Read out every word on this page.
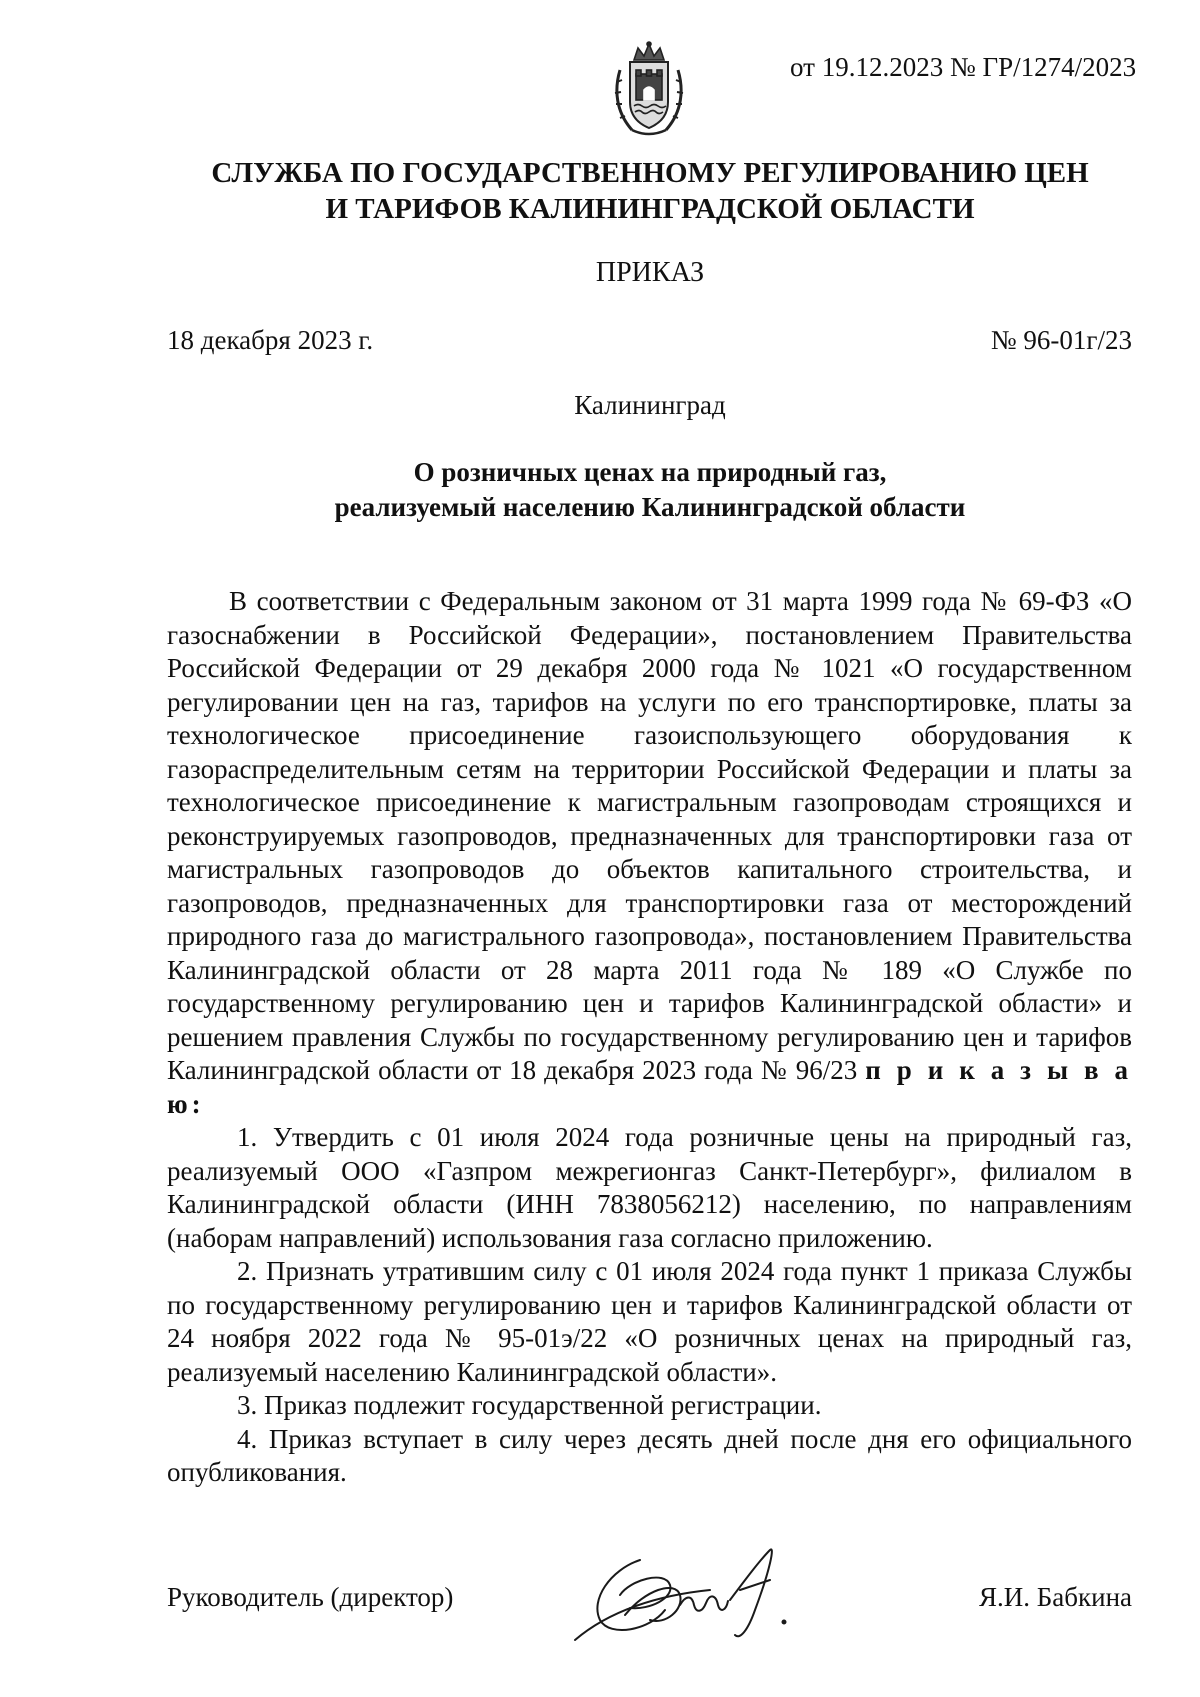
от 19.12.2023 № ГР/1274/2023
СЛУЖБА ПО ГОСУДАРСТВЕННОМУ РЕГУЛИРОВАНИЮ ЦЕН
И ТАРИФОВ КАЛИНИНГРАДСКОЙ ОБЛАСТИ
ПРИКАЗ
18 декабря 2023 г.	№ 96-01г/23
Калининград
О розничных ценах на природный газ,
реализуемый населению Калининградской области

В соответствии с Федеральным законом от 31 марта 1999 года № 69-ФЗ «О газоснабжении в Российской Федерации», постановлением Правительства Российской Федерации от 29 декабря 2000 года № 1021 «О государственном регулировании цен на газ, тарифов на услуги по его транспортировке, платы за технологическое присоединение газоиспользующего оборудования к газораспределительным сетям на территории Российской Федерации и платы за технологическое присоединение к магистральным газопроводам строящихся и реконструируемых газопроводов, предназначенных для транспортировки газа от магистральных газопроводов до объектов капитального строительства, и газопроводов, предназначенных для транспортировки газа от месторождений природного газа до магистрального газопровода», постановлением Правительства Калининградской области от 28 марта 2011 года № 189 «О Службе по государственному регулированию цен и тарифов Калининградской области» и решением правления Службы по государственному регулированию цен и тарифов Калининградской области от 18 декабря 2023 года № 96/23 п р и к а з ы в а ю:

1. Утвердить с 01 июля 2024 года розничные цены на природный газ, реализуемый ООО «Газпром межрегионгаз Санкт-Петербург», филиалом в Калининградской области (ИНН 7838056212) населению, по направлениям (наборам направлений) использования газа согласно приложению.

2. Признать утратившим силу с 01 июля 2024 года пункт 1 приказа Службы по государственному регулированию цен и тарифов Калининградской области от 24 ноября 2022 года № 95-01э/22 «О розничных ценах на природный газ, реализуемый населению Калининградской области».

3. Приказ подлежит государственной регистрации.

4. Приказ вступает в силу через десять дней после дня его официального опубликования.

Руководитель (директор)	Я.И. Бабкина
